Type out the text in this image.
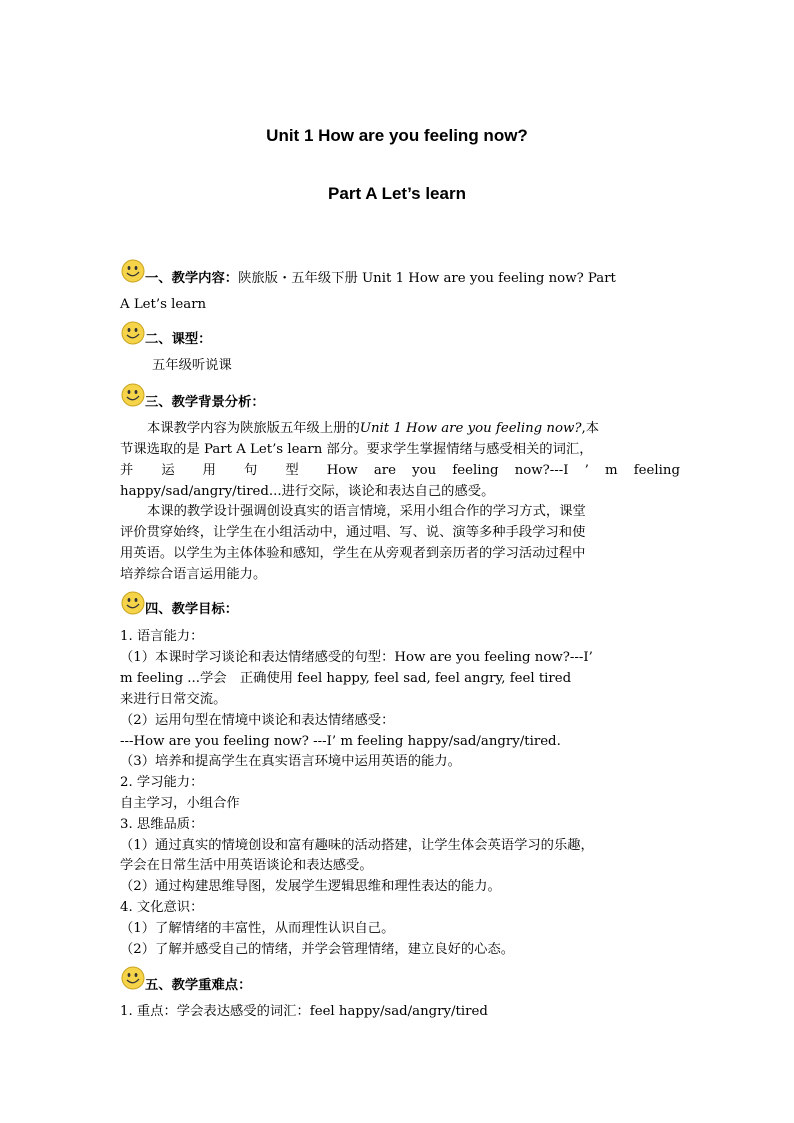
Unit 1 How are you feeling now?
Part A Let’s learn
一、教学内容：陕旅版・五年级下册 Unit 1 How are you feeling now? Part
A Let’s learn
二、课型：
五年级听说课
三、教学背景分析：
本课教学内容为陕旅版五年级上册的Unit 1 How are you feeling now?,本
节课选取的是 Part A Let’s learn 部分。要求学生掌握情绪与感受相关的词汇，
并 运 用 句 型 How are you feeling now?---I ’ m feeling
happy/sad/angry/tired...进行交际，谈论和表达自己的感受。
本课的教学设计强调创设真实的语言情境，采用小组合作的学习方式，课堂
评价贯穿始终，让学生在小组活动中，通过唱、写、说、演等多种手段学习和使
用英语。以学生为主体体验和感知，学生在从旁观者到亲历者的学习活动过程中
培养综合语言运用能力。
四、教学目标：
1. 语言能力：
（1）本课时学习谈论和表达情绪感受的句型：How are you feeling now?---I’
m feeling ...学会　正确使用 feel happy, feel sad, feel angry, feel tired
来进行日常交流。
（2）运用句型在情境中谈论和表达情绪感受：
---How are you feeling now? ---I’ m feeling happy/sad/angry/tired.
（3）培养和提高学生在真实语言环境中运用英语的能力。
2. 学习能力：
自主学习，小组合作
3. 思维品质：
（1）通过真实的情境创设和富有趣味的活动搭建，让学生体会英语学习的乐趣，
学会在日常生活中用英语谈论和表达感受。
（2）通过构建思维导图，发展学生逻辑思维和理性表达的能力。
4. 文化意识：
（1）了解情绪的丰富性，从而理性认识自己。
（2）了解并感受自己的情绪，并学会管理情绪，建立良好的心态。
五、教学重难点：
1. 重点：学会表达感受的词汇：feel happy/sad/angry/tired
